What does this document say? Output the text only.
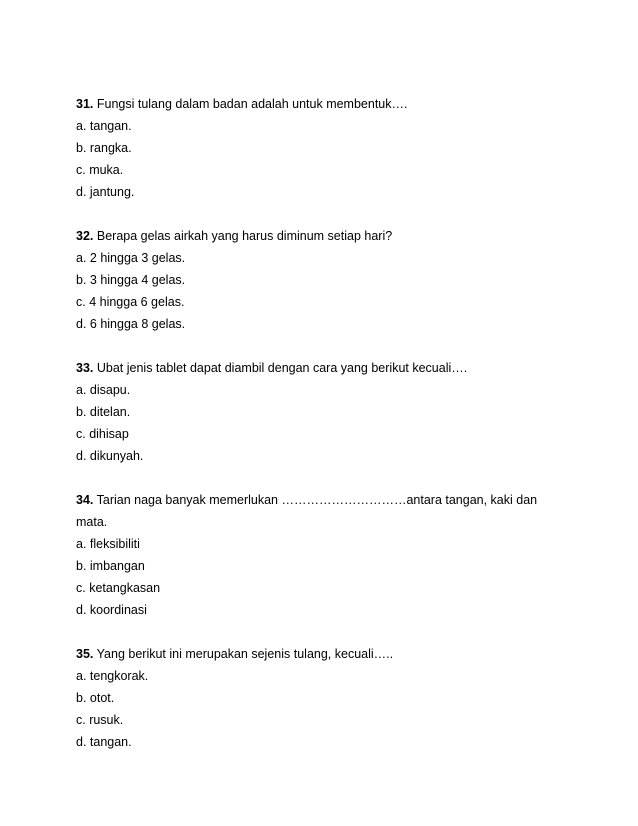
31. Fungsi tulang dalam badan adalah untuk membentuk….

a. tangan.

b. rangka.

c. muka.

d. jantung.

32. Berapa gelas airkah yang harus diminum setiap hari?

a. 2 hingga 3 gelas.

b. 3 hingga 4 gelas.

c. 4 hingga 6 gelas.

d. 6 hingga 8 gelas.

33. Ubat jenis tablet dapat diambil dengan cara yang berikut kecuali….

a. disapu.

b. ditelan.

c. dihisap

d. dikunyah.

34. Tarian naga banyak memerlukan …………………………antara tangan, kaki dan

mata.

a. fleksibiliti

b. imbangan

c. ketangkasan

d. koordinasi

35. Yang berikut ini merupakan sejenis tulang, kecuali…..

a. tengkorak.

b. otot.

c. rusuk.

d. tangan.
